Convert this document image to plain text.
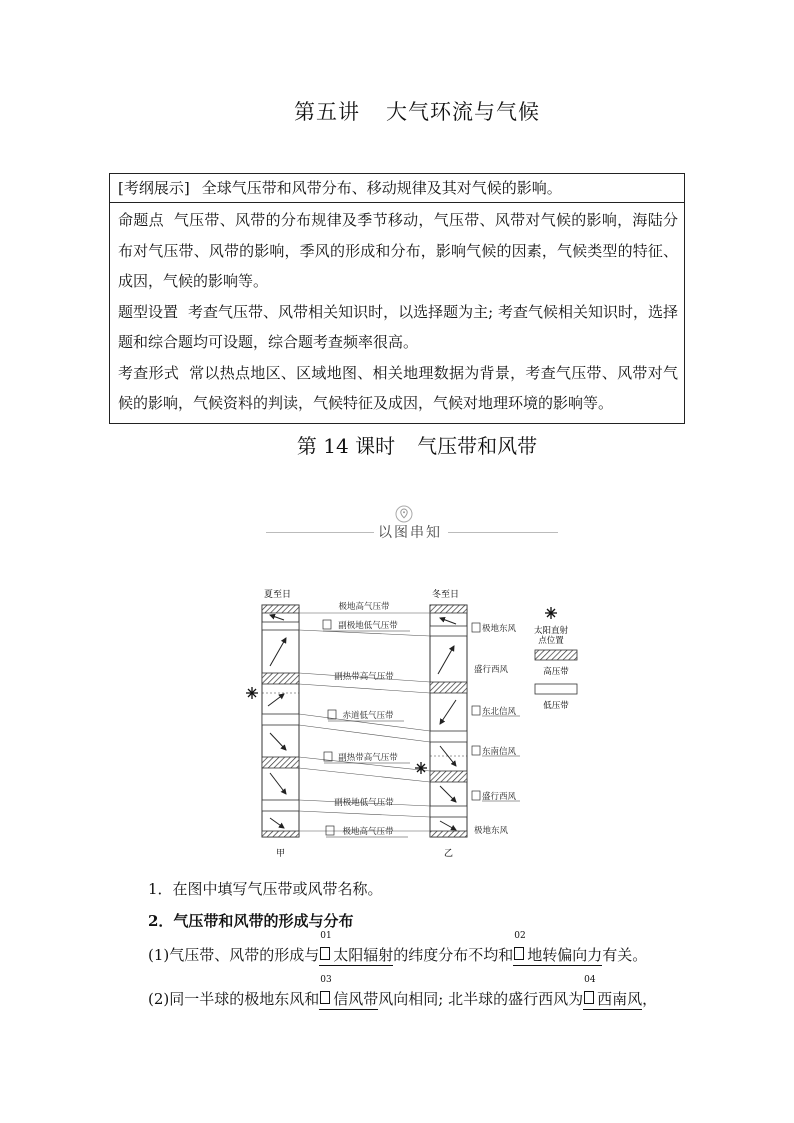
第五讲 大气环流与气候
[考纲展示] 全球气压带和风带分布、移动规律及其对气候的影响。
命题点 气压带、风带的分布规律及季节移动，气压带、风带对气候的影响，海陆分布对气压带、风带的影响，季风的形成和分布，影响气候的因素，气候类型的特征、成因，气候的影响等。
题型设置 考查气压带、风带相关知识时，以选择题为主; 考查气候相关知识时，选择题和综合题均可设题，综合题考查频率很高。
考查形式 常以热点地区、区域地图、相关地理数据为背景，考查气压带、风带对气候的影响，气候资料的判读，气候特征及成因，气候对地理环境的影响等。
第 14 课时 气压带和风带
以图串知
夏至日	冬至日
极地高气压带
副极地低气压带
副热带高气压带
赤道低气压带
副热带高气压带
副极地低气压带
极地高气压带
极地东风
盛行西风
东北信风
东南信风
盛行西风
极地东风
太阳直射点位置
高压带
低压带
甲	乙
1．在图中填写气压带或风带名称。
2．气压带和风带的形成与分布
(1)气压带、风带的形成与
01
太阳辐射的纬度分布不均和
02
地转偏向力有关。
(2)同一半球的极地东风和
03
信风带风向相同; 北半球的盛行西风为
04
西南风，
